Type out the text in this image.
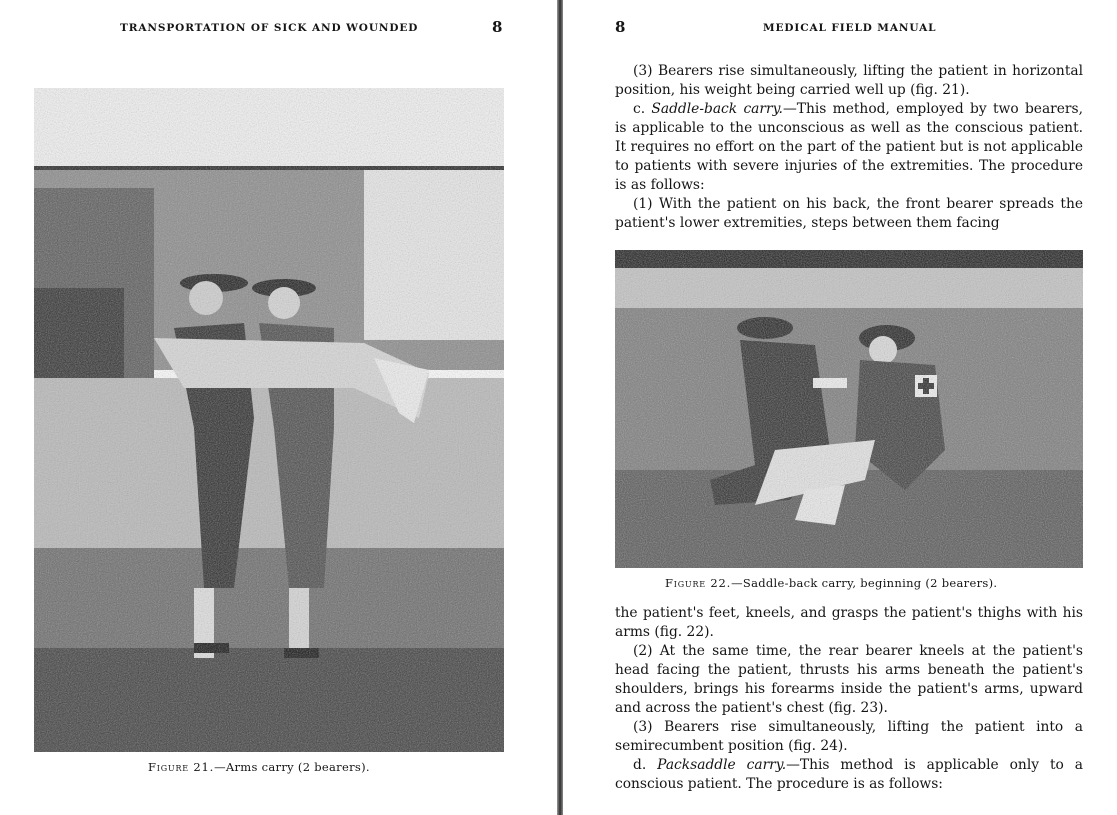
TRANSPORTATION OF SICK AND WOUNDED	8
Figure 21.—Arms carry (2 bearers).
8	MEDICAL FIELD MANUAL

(3) Bearers rise simultaneously, lifting the patient in horizontal position, his weight being carried well up (fig. 21).

c. Saddle-back carry.—This method, employed by two bearers, is applicable to the unconscious as well as the conscious patient. It requires no effort on the part of the patient but is not applicable to patients with severe injuries of the extremities. The procedure is as follows:

(1) With the patient on his back, the front bearer spreads the patient's lower extremities, steps between them facing

Figure 22.—Saddle-back carry, beginning (2 bearers).

the patient's feet, kneels, and grasps the patient's thighs with his arms (fig. 22).

(2) At the same time, the rear bearer kneels at the patient's head facing the patient, thrusts his arms beneath the patient's shoulders, brings his forearms inside the patient's arms, upward and across the patient's chest (fig. 23).

(3) Bearers rise simultaneously, lifting the patient into a semirecumbent position (fig. 24).

d. Packsaddle carry.—This method is applicable only to a conscious patient. The procedure is as follows:
